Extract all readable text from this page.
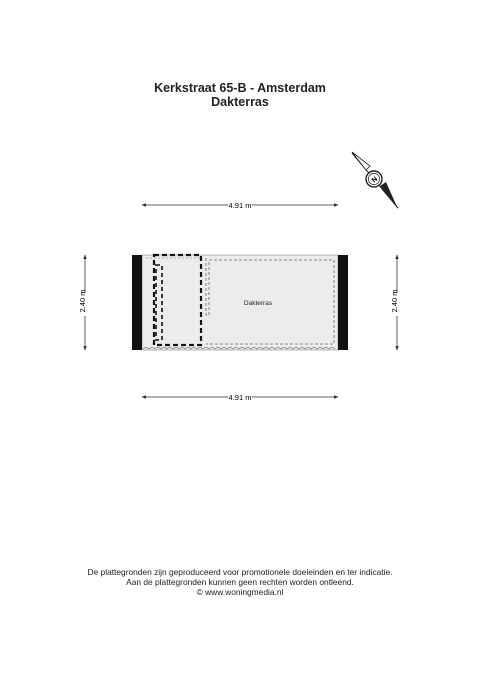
Kerkstraat 65-B - Amsterdam
Dakterras
N
4.91 m
4.91 m
2.40 m	2.40 m
Dakterras
De plattegronden zijn geproduceerd voor promotionele doeleinden en ter indicatie.
Aan de plattegronden kunnen geen rechten worden ontleend.
© www.woningmedia.nl
